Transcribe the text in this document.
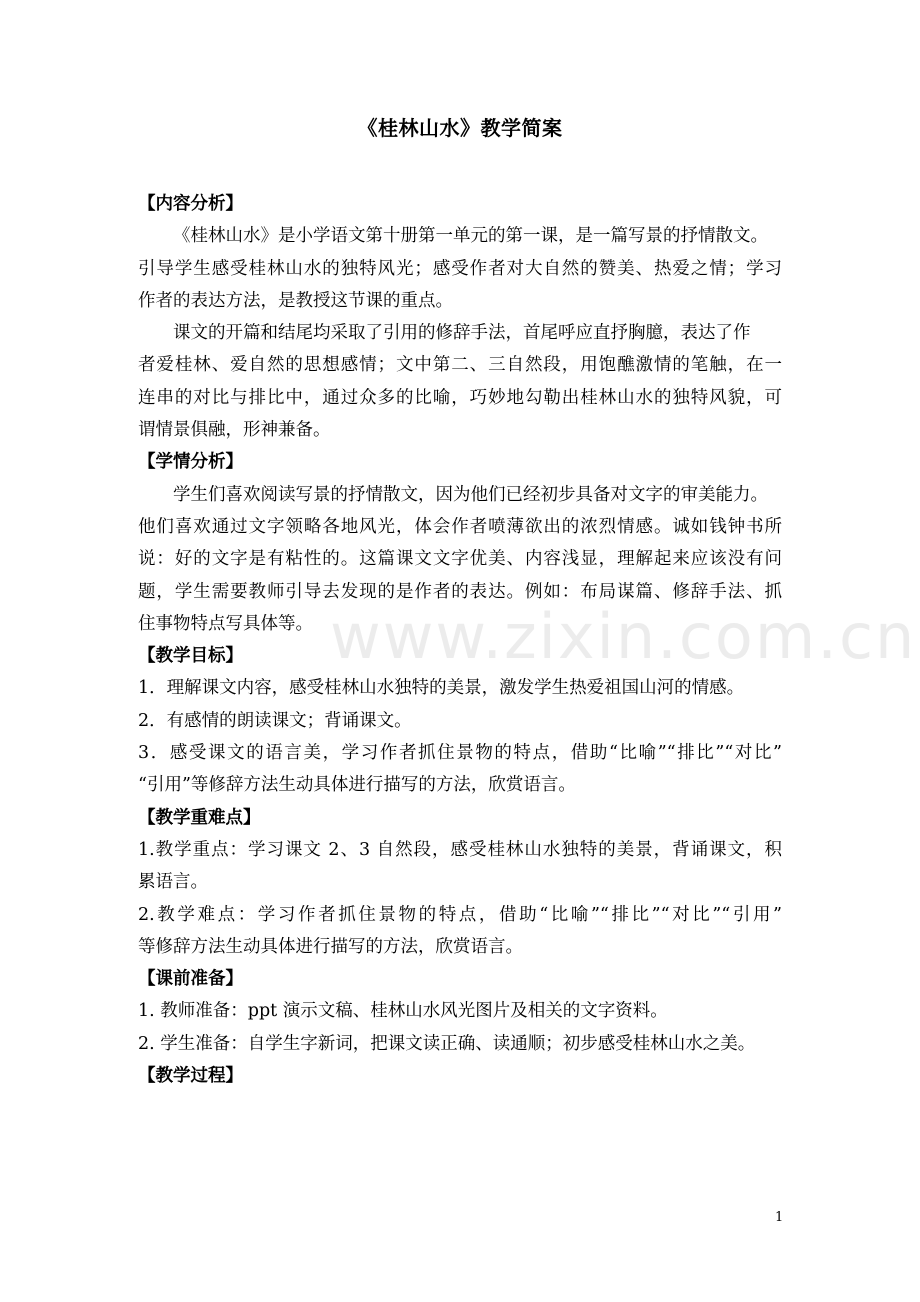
www.zixin.com.cn
《桂林山水》教学简案
【内容分析】
《桂林山水》是小学语文第十册第一单元的第一课，是一篇写景的抒情散文。
引导学生感受桂林山水的独特风光；感受作者对大自然的赞美、热爱之情；学习
作者的表达方法，是教授这节课的重点。
课文的开篇和结尾均采取了引用的修辞手法，首尾呼应直抒胸臆，表达了作
者爱桂林、爱自然的思想感情；文中第二、三自然段，用饱醮激情的笔触，在一
连串的对比与排比中，通过众多的比喻，巧妙地勾勒出桂林山水的独特风貌，可
谓情景俱融，形神兼备。
【学情分析】
学生们喜欢阅读写景的抒情散文，因为他们已经初步具备对文字的审美能力。
他们喜欢通过文字领略各地风光，体会作者喷薄欲出的浓烈情感。诚如钱钟书所
说：好的文字是有粘性的。这篇课文文字优美、内容浅显，理解起来应该没有问
题，学生需要教师引导去发现的是作者的表达。例如：布局谋篇、修辞手法、抓
住事物特点写具体等。
【教学目标】
1．理解课文内容，感受桂林山水独特的美景，激发学生热爱祖国山河的情感。
2．有感情的朗读课文；背诵课文。
3．感受课文的语言美，学习作者抓住景物的特点，借助“比喻”“排比”“对比”
“引用”等修辞方法生动具体进行描写的方法，欣赏语言。
【教学重难点】
1.教学重点：学习课文 2、3 自然段，感受桂林山水独特的美景，背诵课文，积
累语言。
2.教学难点：学习作者抓住景物的特点，借助“比喻”“排比”“对比”“引用”
等修辞方法生动具体进行描写的方法，欣赏语言。
【课前准备】
1. 教师准备：ppt 演示文稿、桂林山水风光图片及相关的文字资料。
2. 学生准备：自学生字新词，把课文读正确、读通顺；初步感受桂林山水之美。
【教学过程】
1
